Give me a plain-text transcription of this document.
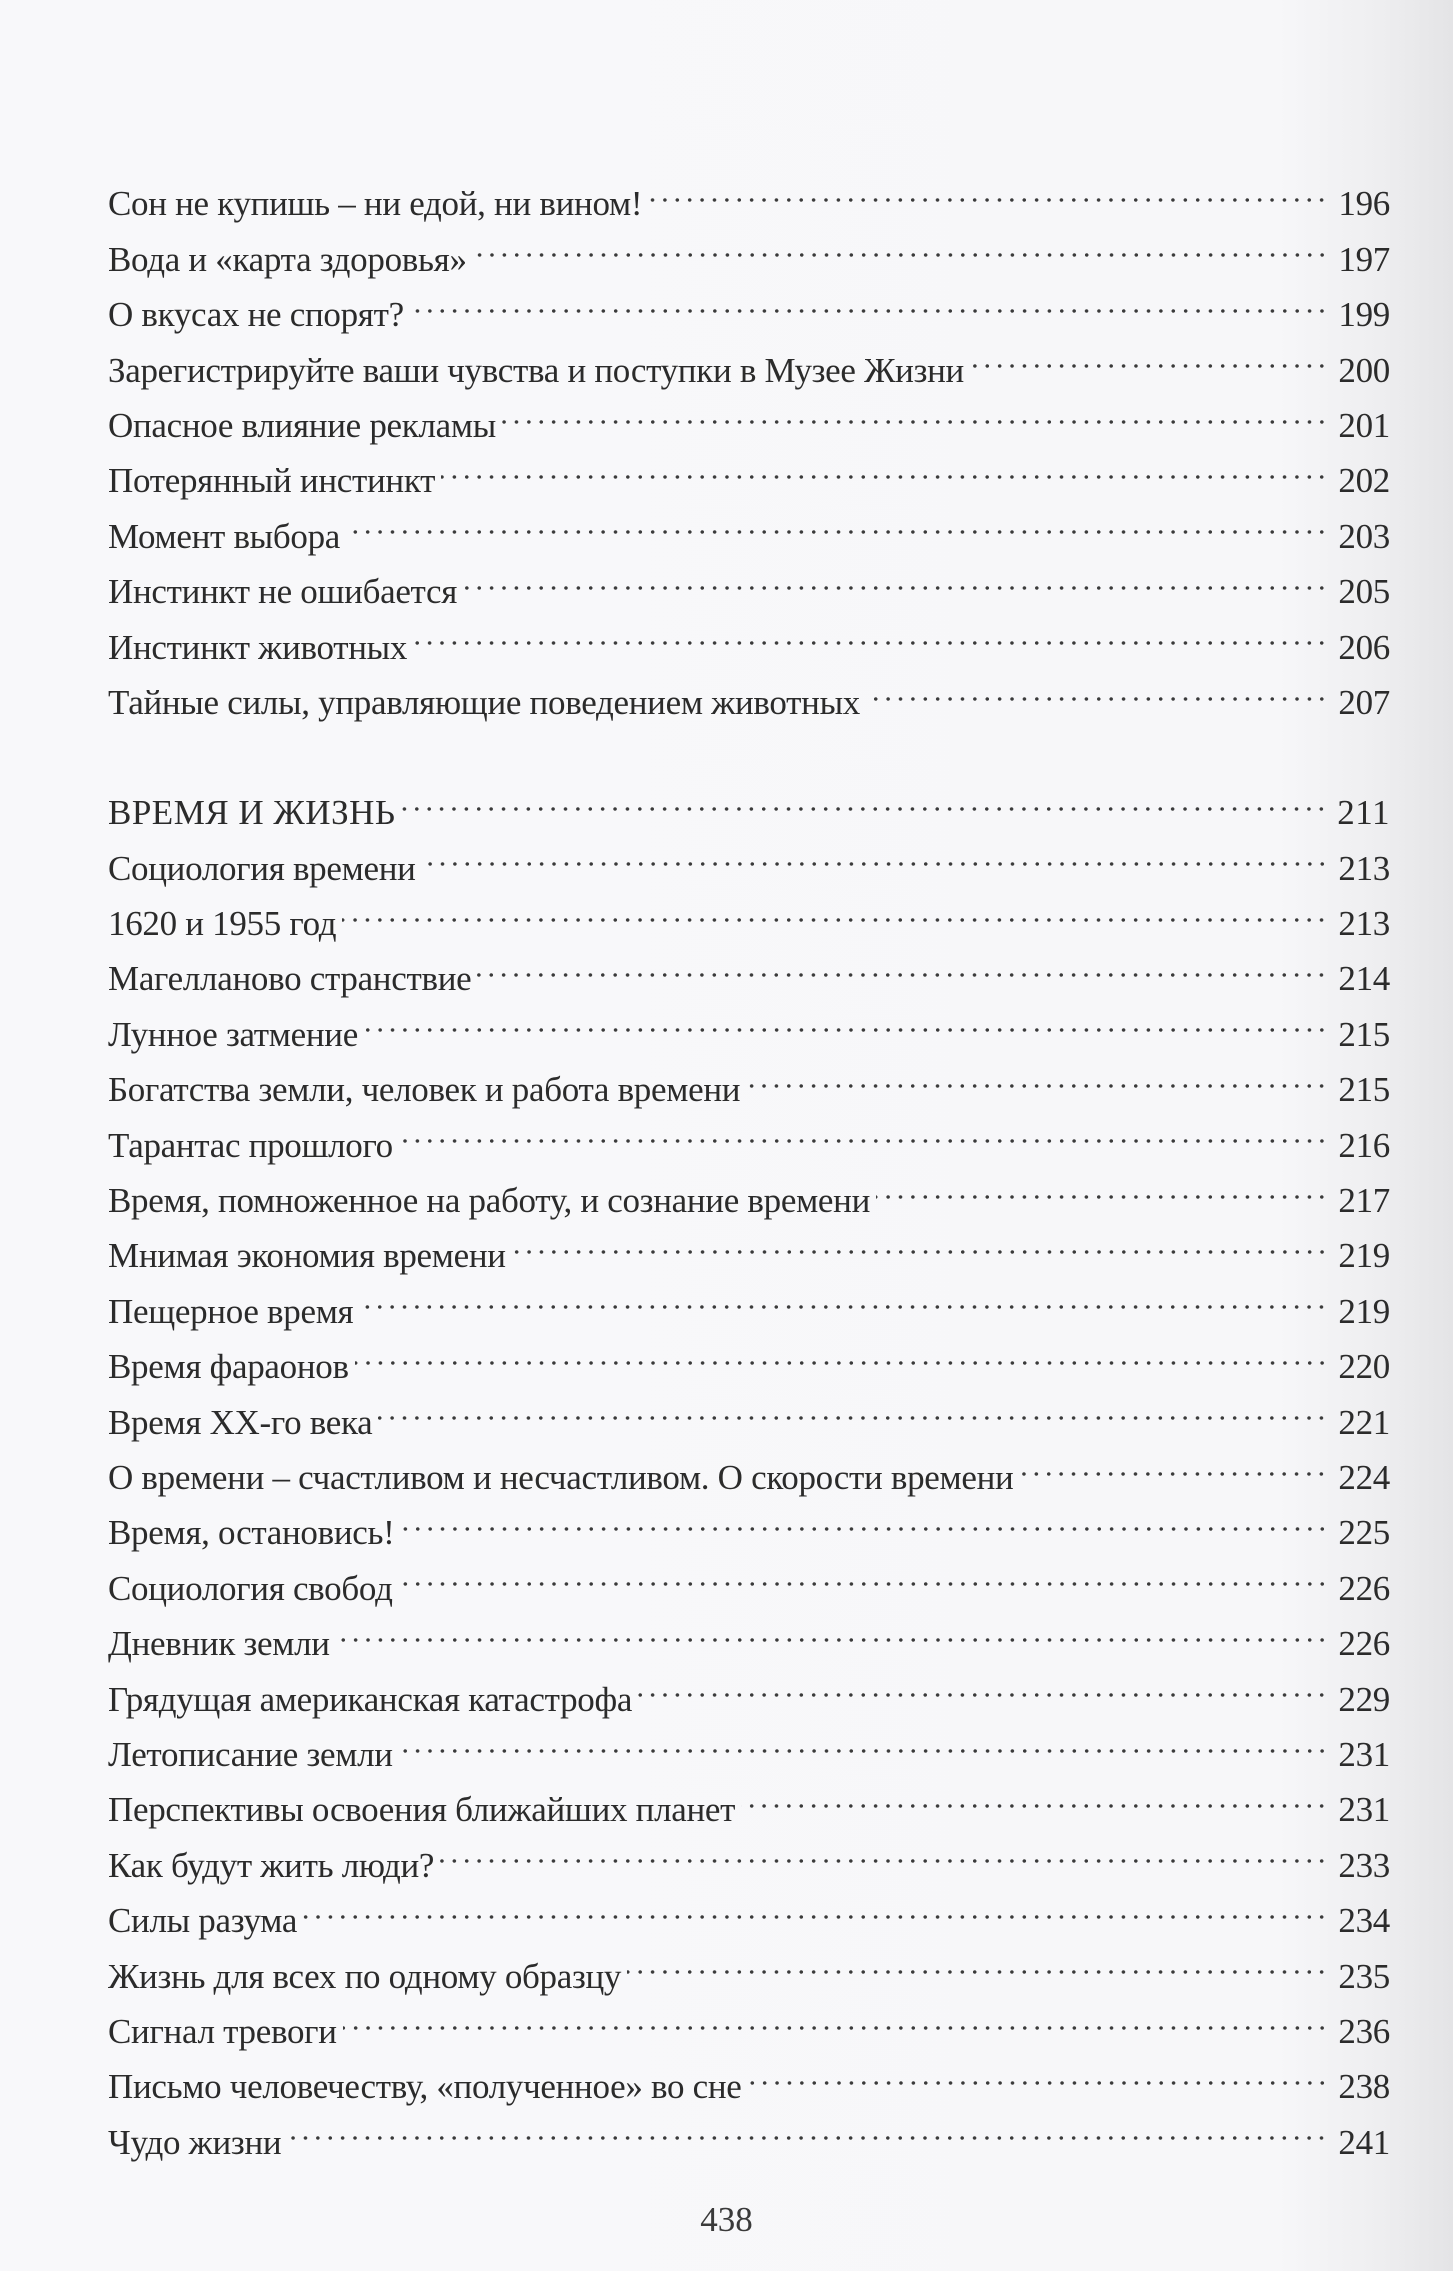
Сон не купишь – ни едой, ни вином!	196
Вода и «карта здоровья»	197
О вкусах не спорят?	199
Зарегистрируйте ваши чувства и поступки в Музее Жизни	200
Опасное влияние рекламы	201
Потерянный инстинкт	202
Момент выбора	203
Инстинкт не ошибается	205
Инстинкт животных	206
Тайные силы, управляющие поведением животных	207
ВРЕМЯ И ЖИЗНЬ	211
Социология времени	213
1620 и 1955 год	213
Магелланово странствие	214
Лунное затмение	215
Богатства земли, человек и работа времени	215
Тарантас прошлого	216
Время, помноженное на работу, и сознание времени	217
Мнимая экономия времени	219
Пещерное время	219
Время фараонов	220
Время XX-го века	221
О времени – счастливом и несчастливом. О скорости времени	224
Время, остановись!	225
Социология свобод	226
Дневник земли	226
Грядущая американская катастрофа	229
Летописание земли	231
Перспективы освоения ближайших планет	231
Как будут жить люди?	233
Силы разума	234
Жизнь для всех по одному образцу	235
Сигнал тревоги	236
Письмо человечеству, «полученное» во сне	238
Чудо жизни	241
438
